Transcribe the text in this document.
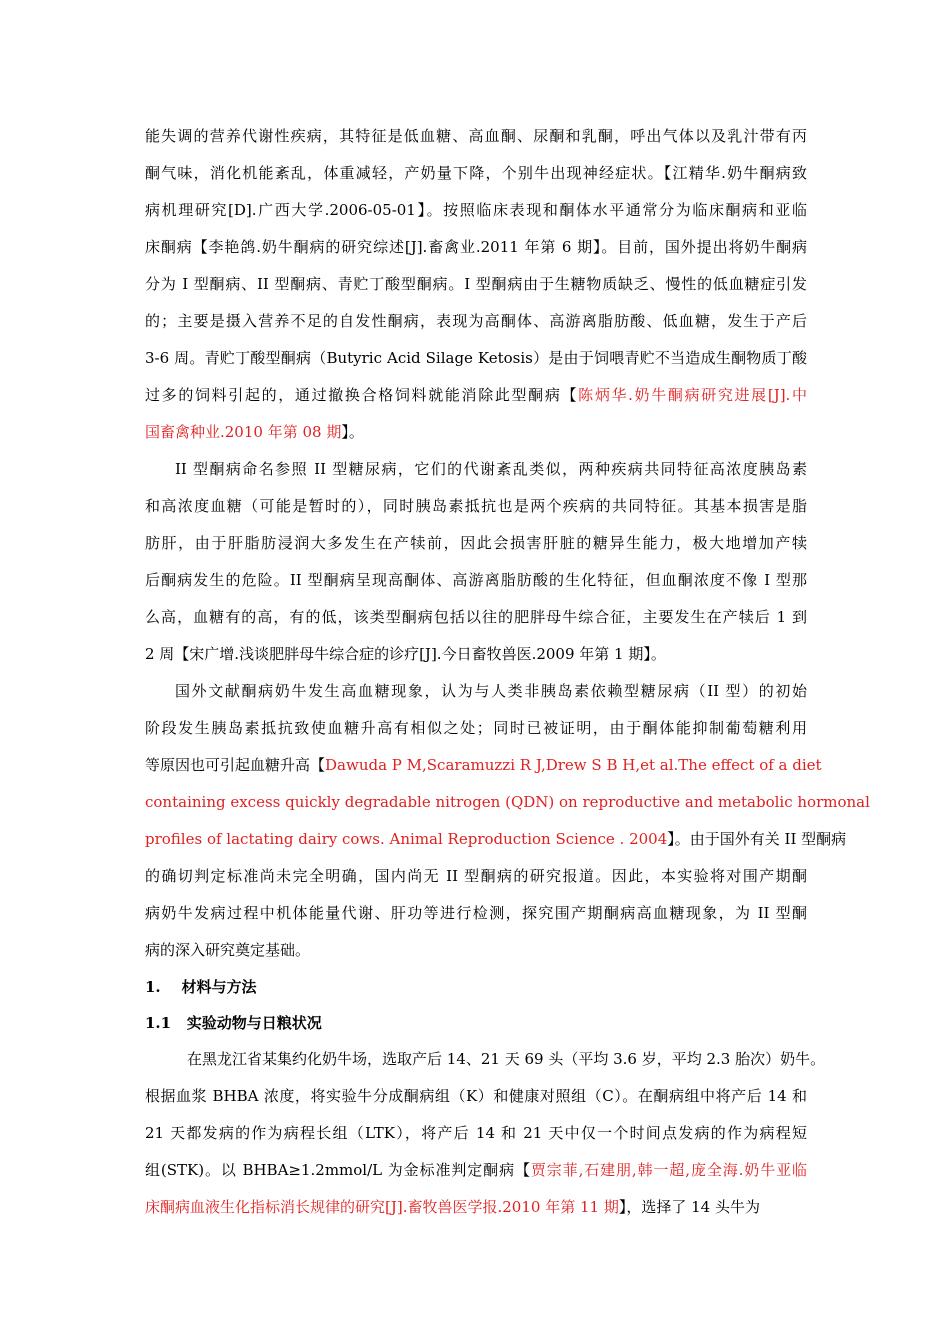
能失调的营养代谢性疾病，其特征是低血糖、高血酮、尿酮和乳酮，呼出气体以及乳汁带有丙
酮气味，消化机能紊乱，体重减轻，产奶量下降，个别牛出现神经症状。【江精华.奶牛酮病致
病机理研究[D].广西大学.2006-05-01】。按照临床表现和酮体水平通常分为临床酮病和亚临
床酮病【李艳鸽.奶牛酮病的研究综述[J].畜禽业.2011 年第 6 期】。目前，国外提出将奶牛酮病
分为 I 型酮病、II 型酮病、青贮丁酸型酮病。I 型酮病由于生糖物质缺乏、慢性的低血糖症引发
的；主要是摄入营养不足的自发性酮病，表现为高酮体、高游离脂肪酸、低血糖，发生于产后
3-6 周。青贮丁酸型酮病（Butyric Acid Silage Ketosis）是由于饲喂青贮不当造成生酮物质丁酸
过多的饲料引起的，通过撤换合格饲料就能消除此型酮病【陈炳华.奶牛酮病研究进展[J].中
国畜禽种业.2010 年第 08 期】。
II 型酮病命名参照 II 型糖尿病，它们的代谢紊乱类似，两种疾病共同特征高浓度胰岛素
和高浓度血糖（可能是暂时的），同时胰岛素抵抗也是两个疾病的共同特征。其基本损害是脂
肪肝，由于肝脂肪浸润大多发生在产犊前，因此会损害肝脏的糖异生能力，极大地增加产犊
后酮病发生的危险。II 型酮病呈现高酮体、高游离脂肪酸的生化特征，但血酮浓度不像 I 型那
么高，血糖有的高，有的低，该类型酮病包括以往的肥胖母牛综合征，主要发生在产犊后 1 到
2 周【宋广增.浅谈肥胖母牛综合症的诊疗[J].今日畜牧兽医.2009 年第 1 期】。
国外文献酮病奶牛发生高血糖现象，认为与人类非胰岛素依赖型糖尿病（II 型）的初始
阶段发生胰岛素抵抗致使血糖升高有相似之处；同时已被证明，由于酮体能抑制葡萄糖利用
等原因也可引起血糖升高【Dawuda P M,Scaramuzzi R J,Drew S B H,et al.The effect of a diet
containing excess quickly degradable nitrogen (QDN) on reproductive and metabolic hormonal
profiles of lactating dairy cows. Animal Reproduction Science . 2004】。由于国外有关 II 型酮病
的确切判定标准尚未完全明确，国内尚无 II 型酮病的研究报道。因此，本实验将对围产期酮
病奶牛发病过程中机体能量代谢、肝功等进行检测，探究围产期酮病高血糖现象，为 II 型酮
病的深入研究奠定基础。
1.    材料与方法
1.1   实验动物与日粮状况
在黑龙江省某集约化奶牛场，选取产后 14、21 天 69 头（平均 3.6 岁，平均 2.3 胎次）奶牛。
根据血浆 BHBA 浓度，将实验牛分成酮病组（K）和健康对照组（C）。在酮病组中将产后 14 和
21 天都发病的作为病程长组（LTK），将产后 14 和 21 天中仅一个时间点发病的作为病程短
组(STK)。以 BHBA≥1.2mmol/L 为金标准判定酮病【贾宗菲,石建朋,韩一超,庞全海.奶牛亚临
床酮病血液生化指标消长规律的研究[J].畜牧兽医学报.2010 年第 11 期】，选择了 14 头牛为
